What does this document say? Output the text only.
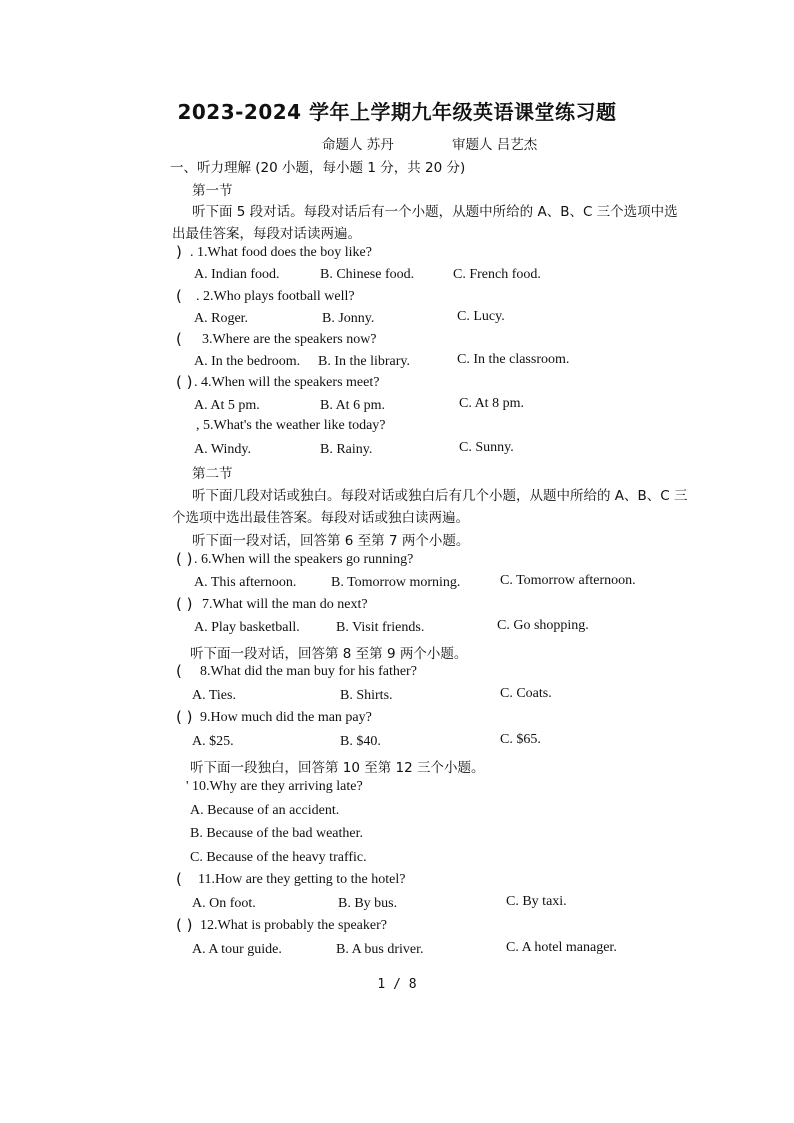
2023-2024 学年上学期九年级英语课堂练习题
命题人 苏丹	审题人 吕艺杰
一、听力理解 (20 小题，每小题 1 分，共 20 分)
第一节
听下面 5 段对话。每段对话后有一个小题，从题中所给的 A、B、C 三个选项中选
出最佳答案，每段对话读两遍。
) . 1.What food does the boy like?
A. Indian food.	B. Chinese food.	C. French food.
( . 2.Who plays football well?
A. Roger.	B. Jonny.	C. Lucy.
( 3.Where are the speakers now?
A. In the bedroom. B. In the library.	C. In the classroom.
( ) . 4.When will the speakers meet?
A. At 5 pm.	B. At 6 pm.	C. At 8 pm.
, 5.What's the weather like today?
A. Windy.	B. Rainy.	C. Sunny.
第二节
听下面几段对话或独白。每段对话或独白后有几个小题，从题中所给的 A、B、C 三
个选项中选出最佳答案。每段对话或独白读两遍。
听下面一段对话，回答第 6 至第 7 两个小题。
( ) . 6.When will the speakers go running?
A. This afternoon. B. Tomorrow morning.	C. Tomorrow afternoon.
( ) 7.What will the man do next?
A. Play basketball.	B. Visit friends.	C. Go shopping.
听下面一段对话，回答第 8 至第 9 两个小题。
( 8.What did the man buy for his father?
A. Ties.	B. Shirts.	C. Coats.
( ) 9.How much did the man pay?
A. $25.	B. $40.	C. $65.
听下面一段独白，回答第 10 至第 12 三个小题。
' 10.Why are they arriving late?
A. Because of an accident.
B. Because of the bad weather.
C. Because of the heavy traffic.
( 11.How are they getting to the hotel?
A. On foot.	B. By bus.	C. By taxi.
( ) 12.What is probably the speaker?
A. A tour guide.	B. A bus driver.	C. A hotel manager.
1 / 8
